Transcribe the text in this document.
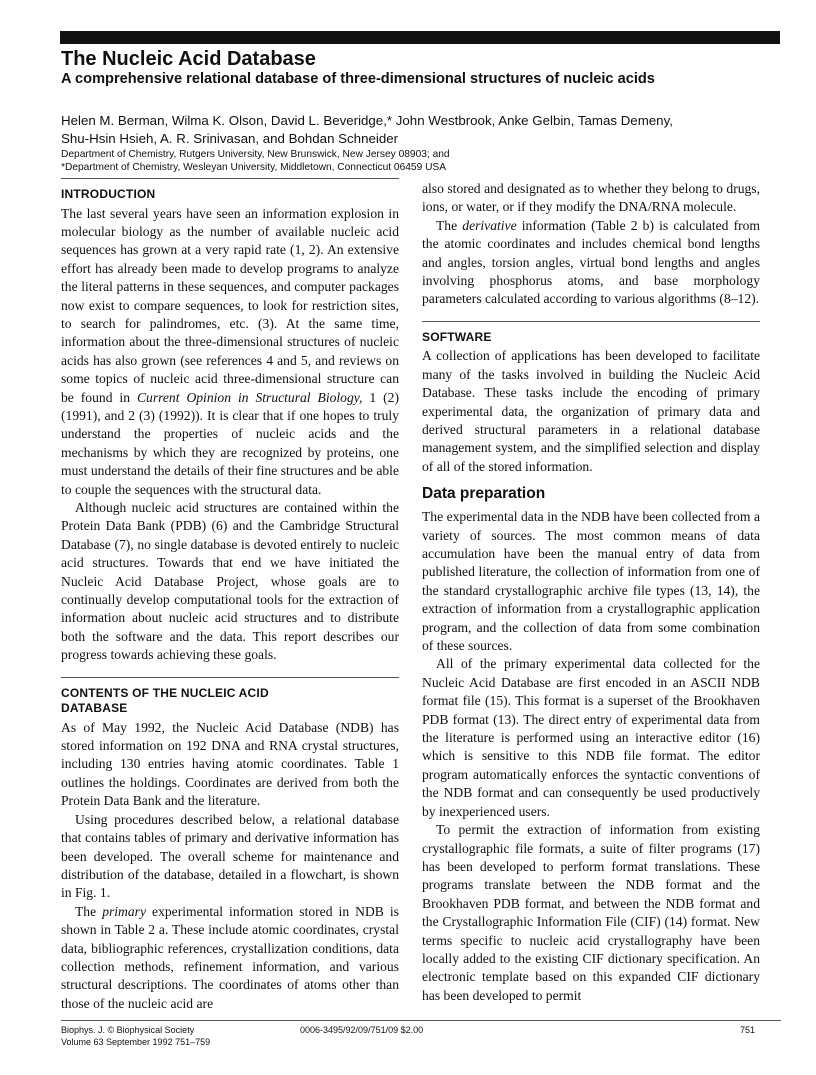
The Nucleic Acid Database
A comprehensive relational database of three-dimensional structures of nucleic acids
Helen M. Berman, Wilma K. Olson, David L. Beveridge,* John Westbrook, Anke Gelbin, Tamas Demeny,
Shu-Hsin Hsieh, A. R. Srinivasan, and Bohdan Schneider
Department of Chemistry, Rutgers University, New Brunswick, New Jersey 08903; and
*Department of Chemistry, Wesleyan University, Middletown, Connecticut 06459 USA
INTRODUCTION

The last several years have seen an information explosion in molecular biology as the number of available nucleic acid sequences has grown at a very rapid rate (1, 2). An extensive effort has already been made to develop programs to analyze the literal patterns in these sequences, and computer packages now exist to compare sequences, to look for restriction sites, to search for palindromes, etc. (3). At the same time, information about the three-dimensional structures of nucleic acids has also grown (see references 4 and 5, and reviews on some topics of nucleic acid three-dimensional structure can be found in Current Opinion in Structural Biology, 1 (2) (1991), and 2 (3) (1992)). It is clear that if one hopes to truly understand the properties of nucleic acids and the mechanisms by which they are recognized by proteins, one must understand the details of their fine structures and be able to couple the sequences with the structural data.

Although nucleic acid structures are contained within the Protein Data Bank (PDB) (6) and the Cambridge Structural Database (7), no single database is devoted entirely to nucleic acid structures. Towards that end we have initiated the Nucleic Acid Database Project, whose goals are to continually develop computational tools for the extraction of information about nucleic acid structures and to distribute both the software and the data. This report describes our progress towards achieving these goals.

CONTENTS OF THE NUCLEIC ACID
DATABASE

As of May 1992, the Nucleic Acid Database (NDB) has stored information on 192 DNA and RNA crystal structures, including 130 entries having atomic coordinates. Table 1 outlines the holdings. Coordinates are derived from both the Protein Data Bank and the literature.

Using procedures described below, a relational database that contains tables of primary and derivative information has been developed. The overall scheme for maintenance and distribution of the database, detailed in a flowchart, is shown in Fig. 1.

The primary experimental information stored in NDB is shown in Table 2 a. These include atomic coordinates, crystal data, bibliographic references, crystallization conditions, data collection methods, refinement information, and various structural descriptions. The coordinates of atoms other than those of the nucleic acid are

also stored and designated as to whether they belong to drugs, ions, or water, or if they modify the DNA/RNA molecule.

The derivative information (Table 2 b) is calculated from the atomic coordinates and includes chemical bond lengths and angles, torsion angles, virtual bond lengths and angles involving phosphorus atoms, and base morphology parameters calculated according to various algorithms (8–12).

SOFTWARE

A collection of applications has been developed to facilitate many of the tasks involved in building the Nucleic Acid Database. These tasks include the encoding of primary experimental data, the organization of primary data and derived structural parameters in a relational database management system, and the simplified selection and display of all of the stored information.

Data preparation

The experimental data in the NDB have been collected from a variety of sources. The most common means of data accumulation have been the manual entry of data from published literature, the collection of information from one of the standard crystallographic archive file types (13, 14), the extraction of information from a crystallographic application program, and the collection of data from some combination of these sources.

All of the primary experimental data collected for the Nucleic Acid Database are first encoded in an ASCII NDB format file (15). This format is a superset of the Brookhaven PDB format (13). The direct entry of experimental data from the literature is performed using an interactive editor (16) which is sensitive to this NDB file format. The editor program automatically enforces the syntactic conventions of the NDB format and can consequently be used productively by inexperienced users.

To permit the extraction of information from existing crystallographic file formats, a suite of filter programs (17) has been developed to perform format translations. These programs translate between the NDB format and the Brookhaven PDB format, and between the NDB format and the Crystallographic Information File (CIF) (14) format. New terms specific to nucleic acid crystallography have been locally added to the existing CIF dictionary specification. An electronic template based on this expanded CIF dictionary has been developed to permit

Biophys. J. © Biophysical Society
Volume 63 September 1992 751–759
0006-3495/92/09/751/09 $2.00	751
